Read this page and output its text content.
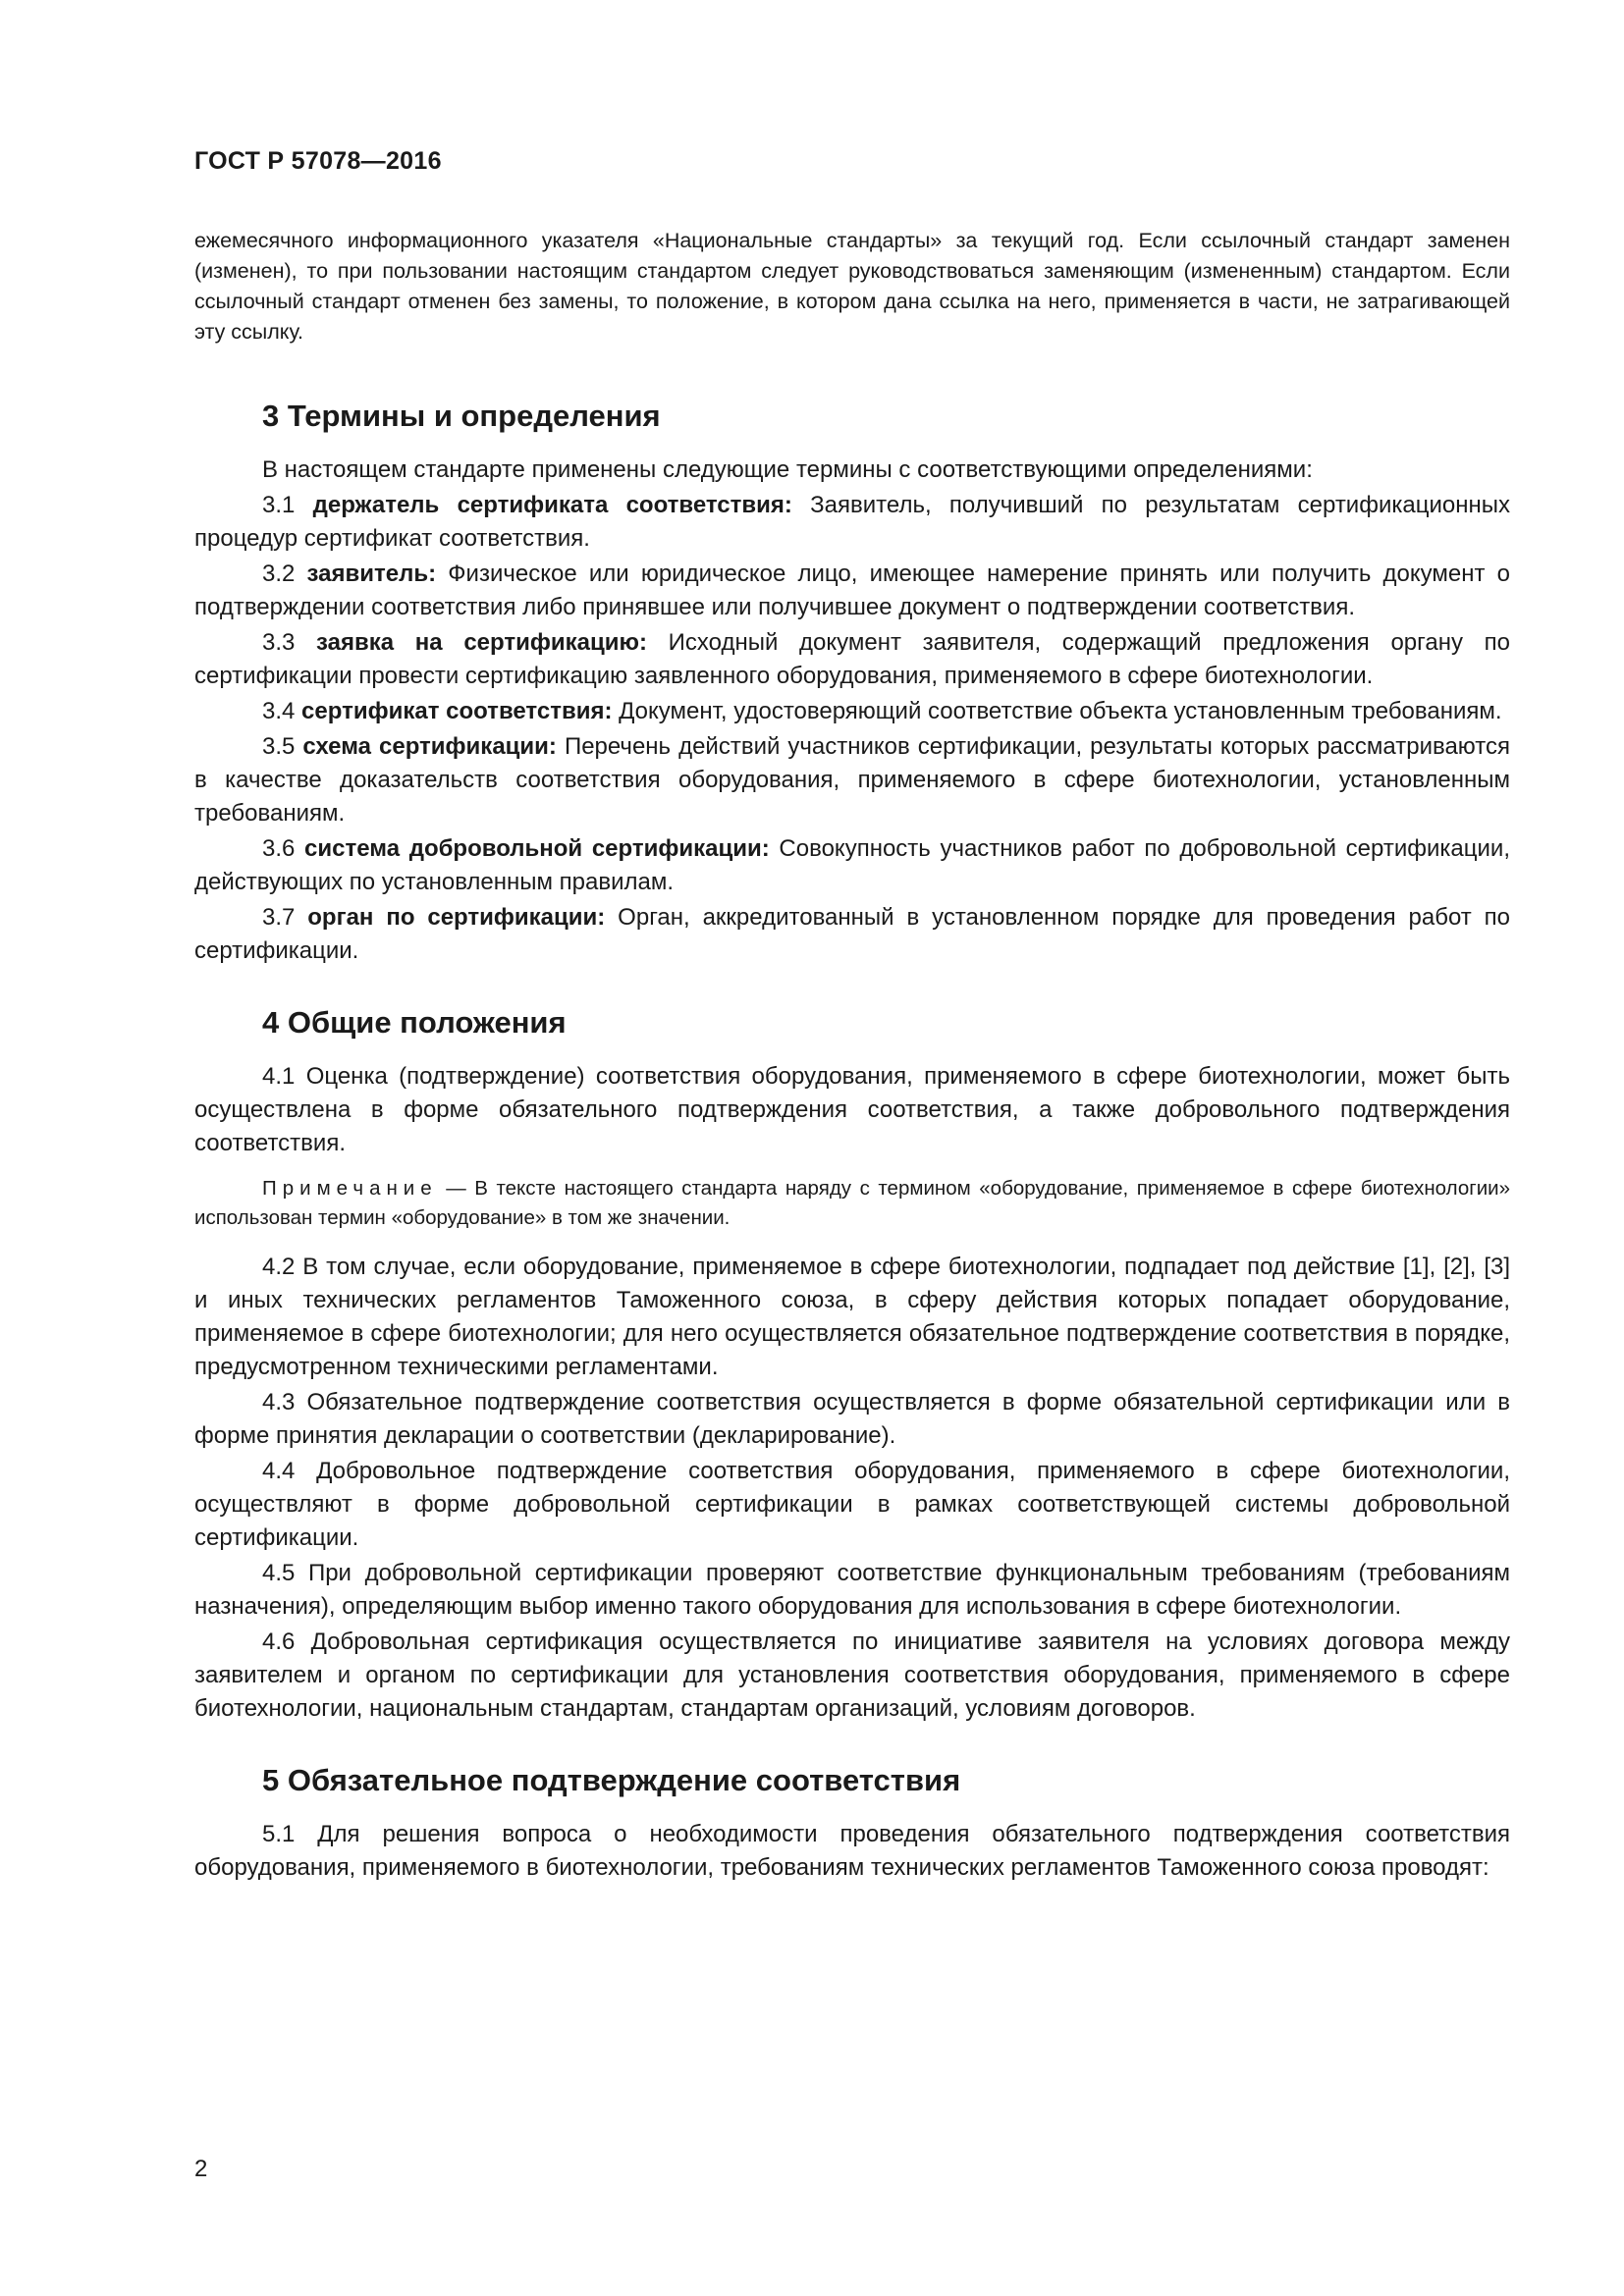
ГОСТ Р 57078—2016

ежемесячного информационного указателя «Национальные стандарты» за текущий год. Если ссылочный стандарт заменен (изменен), то при пользовании настоящим стандартом следует руководствоваться заменяющим (измененным) стандартом. Если ссылочный стандарт отменен без замены, то положение, в котором дана ссылка на него, применяется в части, не затрагивающей эту ссылку.

3 Термины и определения

В настоящем стандарте применены следующие термины с соответствующими определениями:

3.1 держатель сертификата соответствия: Заявитель, получивший по результатам сертификационных процедур сертификат соответствия.

3.2 заявитель: Физическое или юридическое лицо, имеющее намерение принять или получить документ о подтверждении соответствия либо принявшее или получившее документ о подтверждении соответствия.

3.3 заявка на сертификацию: Исходный документ заявителя, содержащий предложения органу по сертификации провести сертификацию заявленного оборудования, применяемого в сфере биотехнологии.

3.4 сертификат соответствия: Документ, удостоверяющий соответствие объекта установленным требованиям.

3.5 схема сертификации: Перечень действий участников сертификации, результаты которых рассматриваются в качестве доказательств соответствия оборудования, применяемого в сфере биотехнологии, установленным требованиям.

3.6 система добровольной сертификации: Совокупность участников работ по добровольной сертификации, действующих по установленным правилам.

3.7 орган по сертификации: Орган, аккредитованный в установленном порядке для проведения работ по сертификации.

4 Общие положения

4.1 Оценка (подтверждение) соответствия оборудования, применяемого в сфере биотехнологии, может быть осуществлена в форме обязательного подтверждения соответствия, а также добровольного подтверждения соответствия.

Примечание — В тексте настоящего стандарта наряду с термином «оборудование, применяемое в сфере биотехнологии» использован термин «оборудование» в том же значении.

4.2 В том случае, если оборудование, применяемое в сфере биотехнологии, подпадает под действие [1], [2], [3] и иных технических регламентов Таможенного союза, в сферу действия которых попадает оборудование, применяемое в сфере биотехнологии; для него осуществляется обязательное подтверждение соответствия в порядке, предусмотренном техническими регламентами.

4.3 Обязательное подтверждение соответствия осуществляется в форме обязательной сертификации или в форме принятия декларации о соответствии (декларирование).

4.4 Добровольное подтверждение соответствия оборудования, применяемого в сфере биотехнологии, осуществляют в форме добровольной сертификации в рамках соответствующей системы добровольной сертификации.

4.5 При добровольной сертификации проверяют соответствие функциональным требованиям (требованиям назначения), определяющим выбор именно такого оборудования для использования в сфере биотехнологии.

4.6 Добровольная сертификация осуществляется по инициативе заявителя на условиях договора между заявителем и органом по сертификации для установления соответствия оборудования, применяемого в сфере биотехнологии, национальным стандартам, стандартам организаций, условиям договоров.

5 Обязательное подтверждение соответствия

5.1 Для решения вопроса о необходимости проведения обязательного подтверждения соответствия оборудования, применяемого в биотехнологии, требованиям технических регламентов Таможенного союза проводят:

2
